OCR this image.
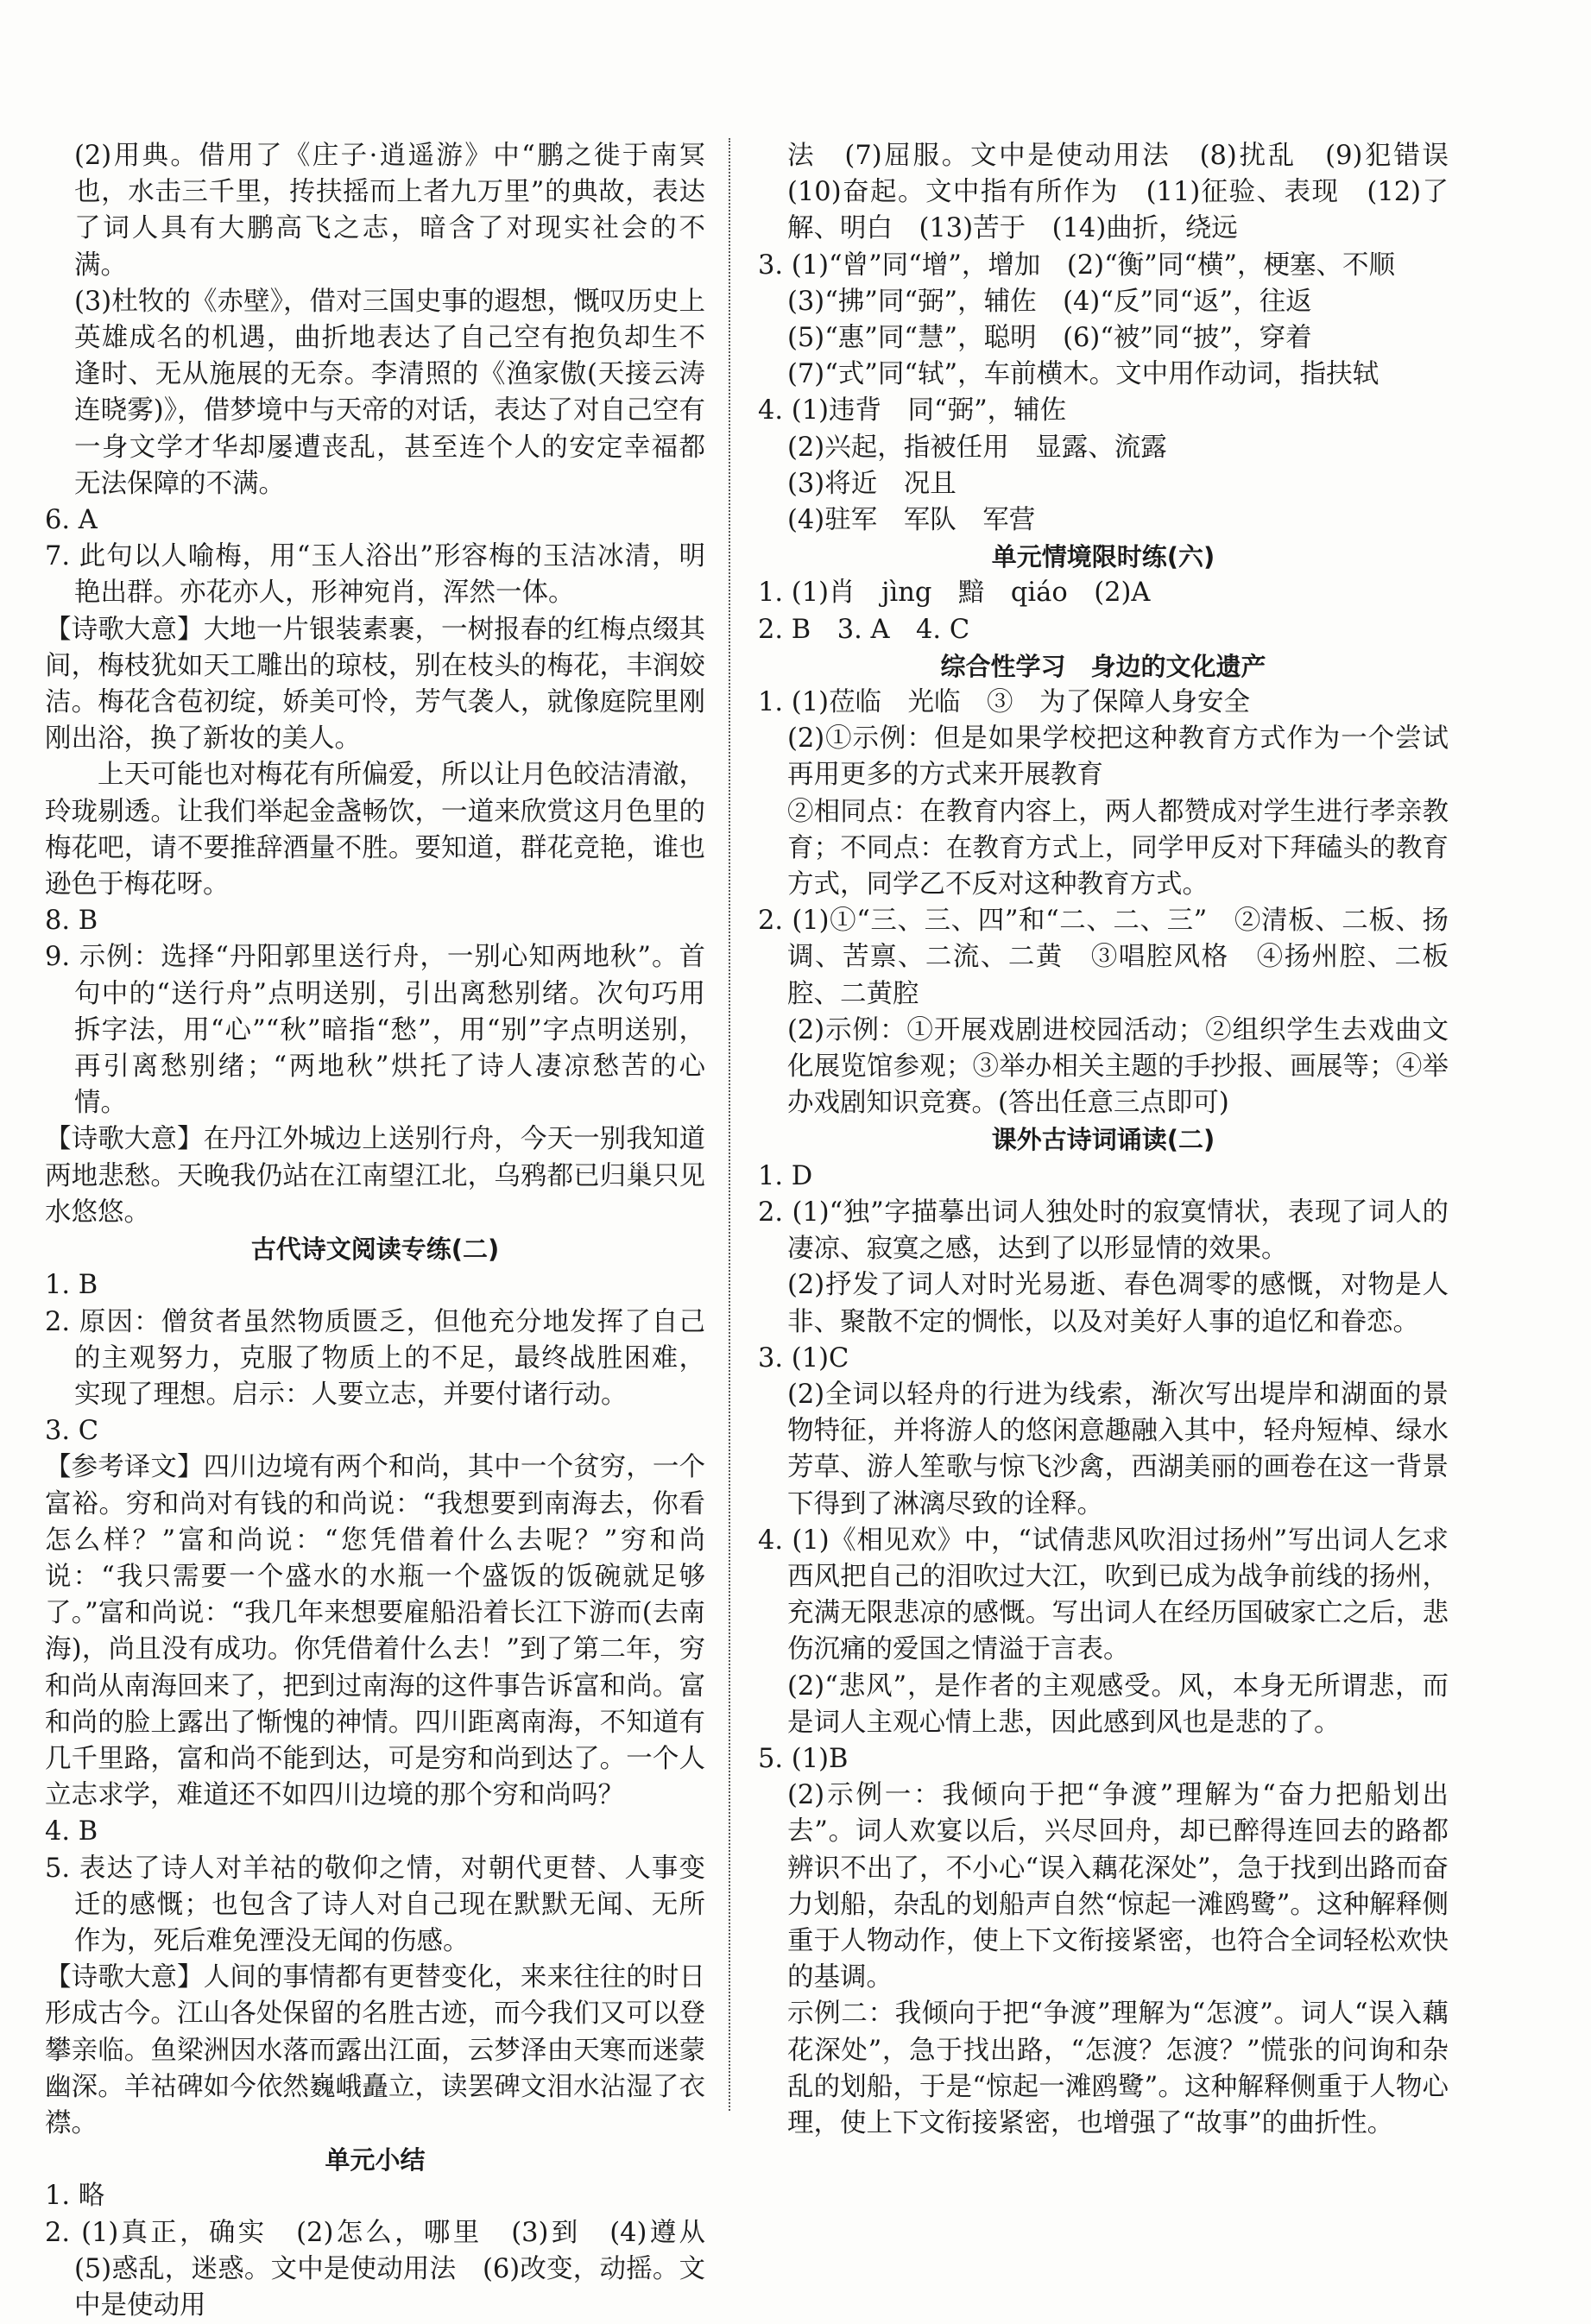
(2)用典。借用了《庄子·逍遥游》中“鹏之徙于南冥也，水击三千里，抟扶摇而上者九万里”的典故，表达了词人具有大鹏高飞之志，暗含了对现实社会的不满。

(3)杜牧的《赤壁》，借对三国史事的遐想，慨叹历史上英雄成名的机遇，曲折地表达了自己空有抱负却生不逢时、无从施展的无奈。李清照的《渔家傲(天接云涛连晓雾)》，借梦境中与天帝的对话，表达了对自己空有一身文学才华却屡遭丧乱，甚至连个人的安定幸福都无法保障的不满。

6. A

7. 此句以人喻梅，用“玉人浴出”形容梅的玉洁冰清，明艳出群。亦花亦人，形神宛肖，浑然一体。

【诗歌大意】大地一片银装素裹，一树报春的红梅点缀其间，梅枝犹如天工雕出的琼枝，别在枝头的梅花，丰润姣洁。梅花含苞初绽，娇美可怜，芳气袭人，就像庭院里刚刚出浴，换了新妆的美人。

上天可能也对梅花有所偏爱，所以让月色皎洁清澈，玲珑剔透。让我们举起金盏畅饮，一道来欣赏这月色里的梅花吧，请不要推辞酒量不胜。要知道，群花竞艳，谁也逊色于梅花呀。

8. B

9. 示例：选择“丹阳郭里送行舟，一别心知两地秋”。首句中的“送行舟”点明送别，引出离愁别绪。次句巧用拆字法，用“心”“秋”暗指“愁”，用“别”字点明送别，再引离愁别绪；“两地秋”烘托了诗人凄凉愁苦的心情。

【诗歌大意】在丹江外城边上送别行舟，今天一别我知道两地悲愁。天晚我仍站在江南望江北，乌鸦都已归巢只见水悠悠。

古代诗文阅读专练(二)

1. B

2. 原因：僧贫者虽然物质匮乏，但他充分地发挥了自己的主观努力，克服了物质上的不足，最终战胜困难，实现了理想。启示：人要立志，并要付诸行动。

3. C

【参考译文】四川边境有两个和尚，其中一个贫穷，一个富裕。穷和尚对有钱的和尚说：“我想要到南海去，你看怎么样？”富和尚说：“您凭借着什么去呢？”穷和尚说：“我只需要一个盛水的水瓶一个盛饭的饭碗就足够了。”富和尚说：“我几年来想要雇船沿着长江下游而(去南海)，尚且没有成功。你凭借着什么去！”到了第二年，穷和尚从南海回来了，把到过南海的这件事告诉富和尚。富和尚的脸上露出了惭愧的神情。四川距离南海，不知道有几千里路，富和尚不能到达，可是穷和尚到达了。一个人立志求学，难道还不如四川边境的那个穷和尚吗？

4. B

5. 表达了诗人对羊祜的敬仰之情，对朝代更替、人事变迁的感慨；也包含了诗人对自己现在默默无闻、无所作为，死后难免湮没无闻的伤感。

【诗歌大意】人间的事情都有更替变化，来来往往的时日形成古今。江山各处保留的名胜古迹，而今我们又可以登攀亲临。鱼梁洲因水落而露出江面，云梦泽由天寒而迷蒙幽深。羊祜碑如今依然巍峨矗立，读罢碑文泪水沾湿了衣襟。

单元小结

1. 略

2. (1)真正，确实　(2)怎么，哪里　(3)到　(4)遵从　(5)惑乱，迷惑。文中是使动用法　(6)改变，动摇。文中是使动用

法　(7)屈服。文中是使动用法　(8)扰乱　(9)犯错误　(10)奋起。文中指有所作为　(11)征验、表现　(12)了解、明白　(13)苦于　(14)曲折，绕远

3. (1)“曾”同“增”，增加　(2)“衡”同“横”，梗塞、不顺

(3)“拂”同“弼”，辅佐　(4)“反”同“返”，往返

(5)“惠”同“慧”，聪明　(6)“被”同“披”，穿着

(7)“式”同“轼”，车前横木。文中用作动词，指扶轼

4. (1)违背　同“弼”，辅佐

(2)兴起，指被任用　显露、流露

(3)将近　况且

(4)驻军　军队　军营

单元情境限时练(六)

1. (1)肖　jìng　黯　qiáo　(2)A

2. B　3. A　4. C

综合性学习　身边的文化遗产

1. (1)莅临　光临　③　为了保障人身安全

(2)①示例：但是如果学校把这种教育方式作为一个尝试再用更多的方式来开展教育

②相同点：在教育内容上，两人都赞成对学生进行孝亲教育；不同点：在教育方式上，同学甲反对下拜磕头的教育方式，同学乙不反对这种教育方式。

2. (1)①“三、三、四”和“二、二、三”　②清板、二板、扬调、苦禀、二流、二黄　③唱腔风格　④扬州腔、二板腔、二黄腔

(2)示例：①开展戏剧进校园活动；②组织学生去戏曲文化展览馆参观；③举办相关主题的手抄报、画展等；④举办戏剧知识竞赛。(答出任意三点即可)

课外古诗词诵读(二)

1. D

2. (1)“独”字描摹出词人独处时的寂寞情状，表现了词人的凄凉、寂寞之感，达到了以形显情的效果。

(2)抒发了词人对时光易逝、春色凋零的感慨，对物是人非、聚散不定的惆怅，以及对美好人事的追忆和眷恋。

3. (1)C

(2)全词以轻舟的行进为线索，渐次写出堤岸和湖面的景物特征，并将游人的悠闲意趣融入其中，轻舟短棹、绿水芳草、游人笙歌与惊飞沙禽，西湖美丽的画卷在这一背景下得到了淋漓尽致的诠释。

4. (1)《相见欢》中，“试倩悲风吹泪过扬州”写出词人乞求西风把自己的泪吹过大江，吹到已成为战争前线的扬州，充满无限悲凉的感慨。写出词人在经历国破家亡之后，悲伤沉痛的爱国之情溢于言表。

(2)“悲风”，是作者的主观感受。风，本身无所谓悲，而是词人主观心情上悲，因此感到风也是悲的了。

5. (1)B

(2)示例一：我倾向于把“争渡”理解为“奋力把船划出去”。词人欢宴以后，兴尽回舟，却已醉得连回去的路都辨识不出了，不小心“误入藕花深处”，急于找到出路而奋力划船，杂乱的划船声自然“惊起一滩鸥鹭”。这种解释侧重于人物动作，使上下文衔接紧密，也符合全词轻松欢快的基调。

示例二：我倾向于把“争渡”理解为“怎渡”。词人“误入藕花深处”，急于找出路，“怎渡？怎渡？”慌张的问询和杂乱的划船，于是“惊起一滩鸥鹭”。这种解释侧重于人物心理，使上下文衔接紧密，也增强了“故事”的曲折性。
